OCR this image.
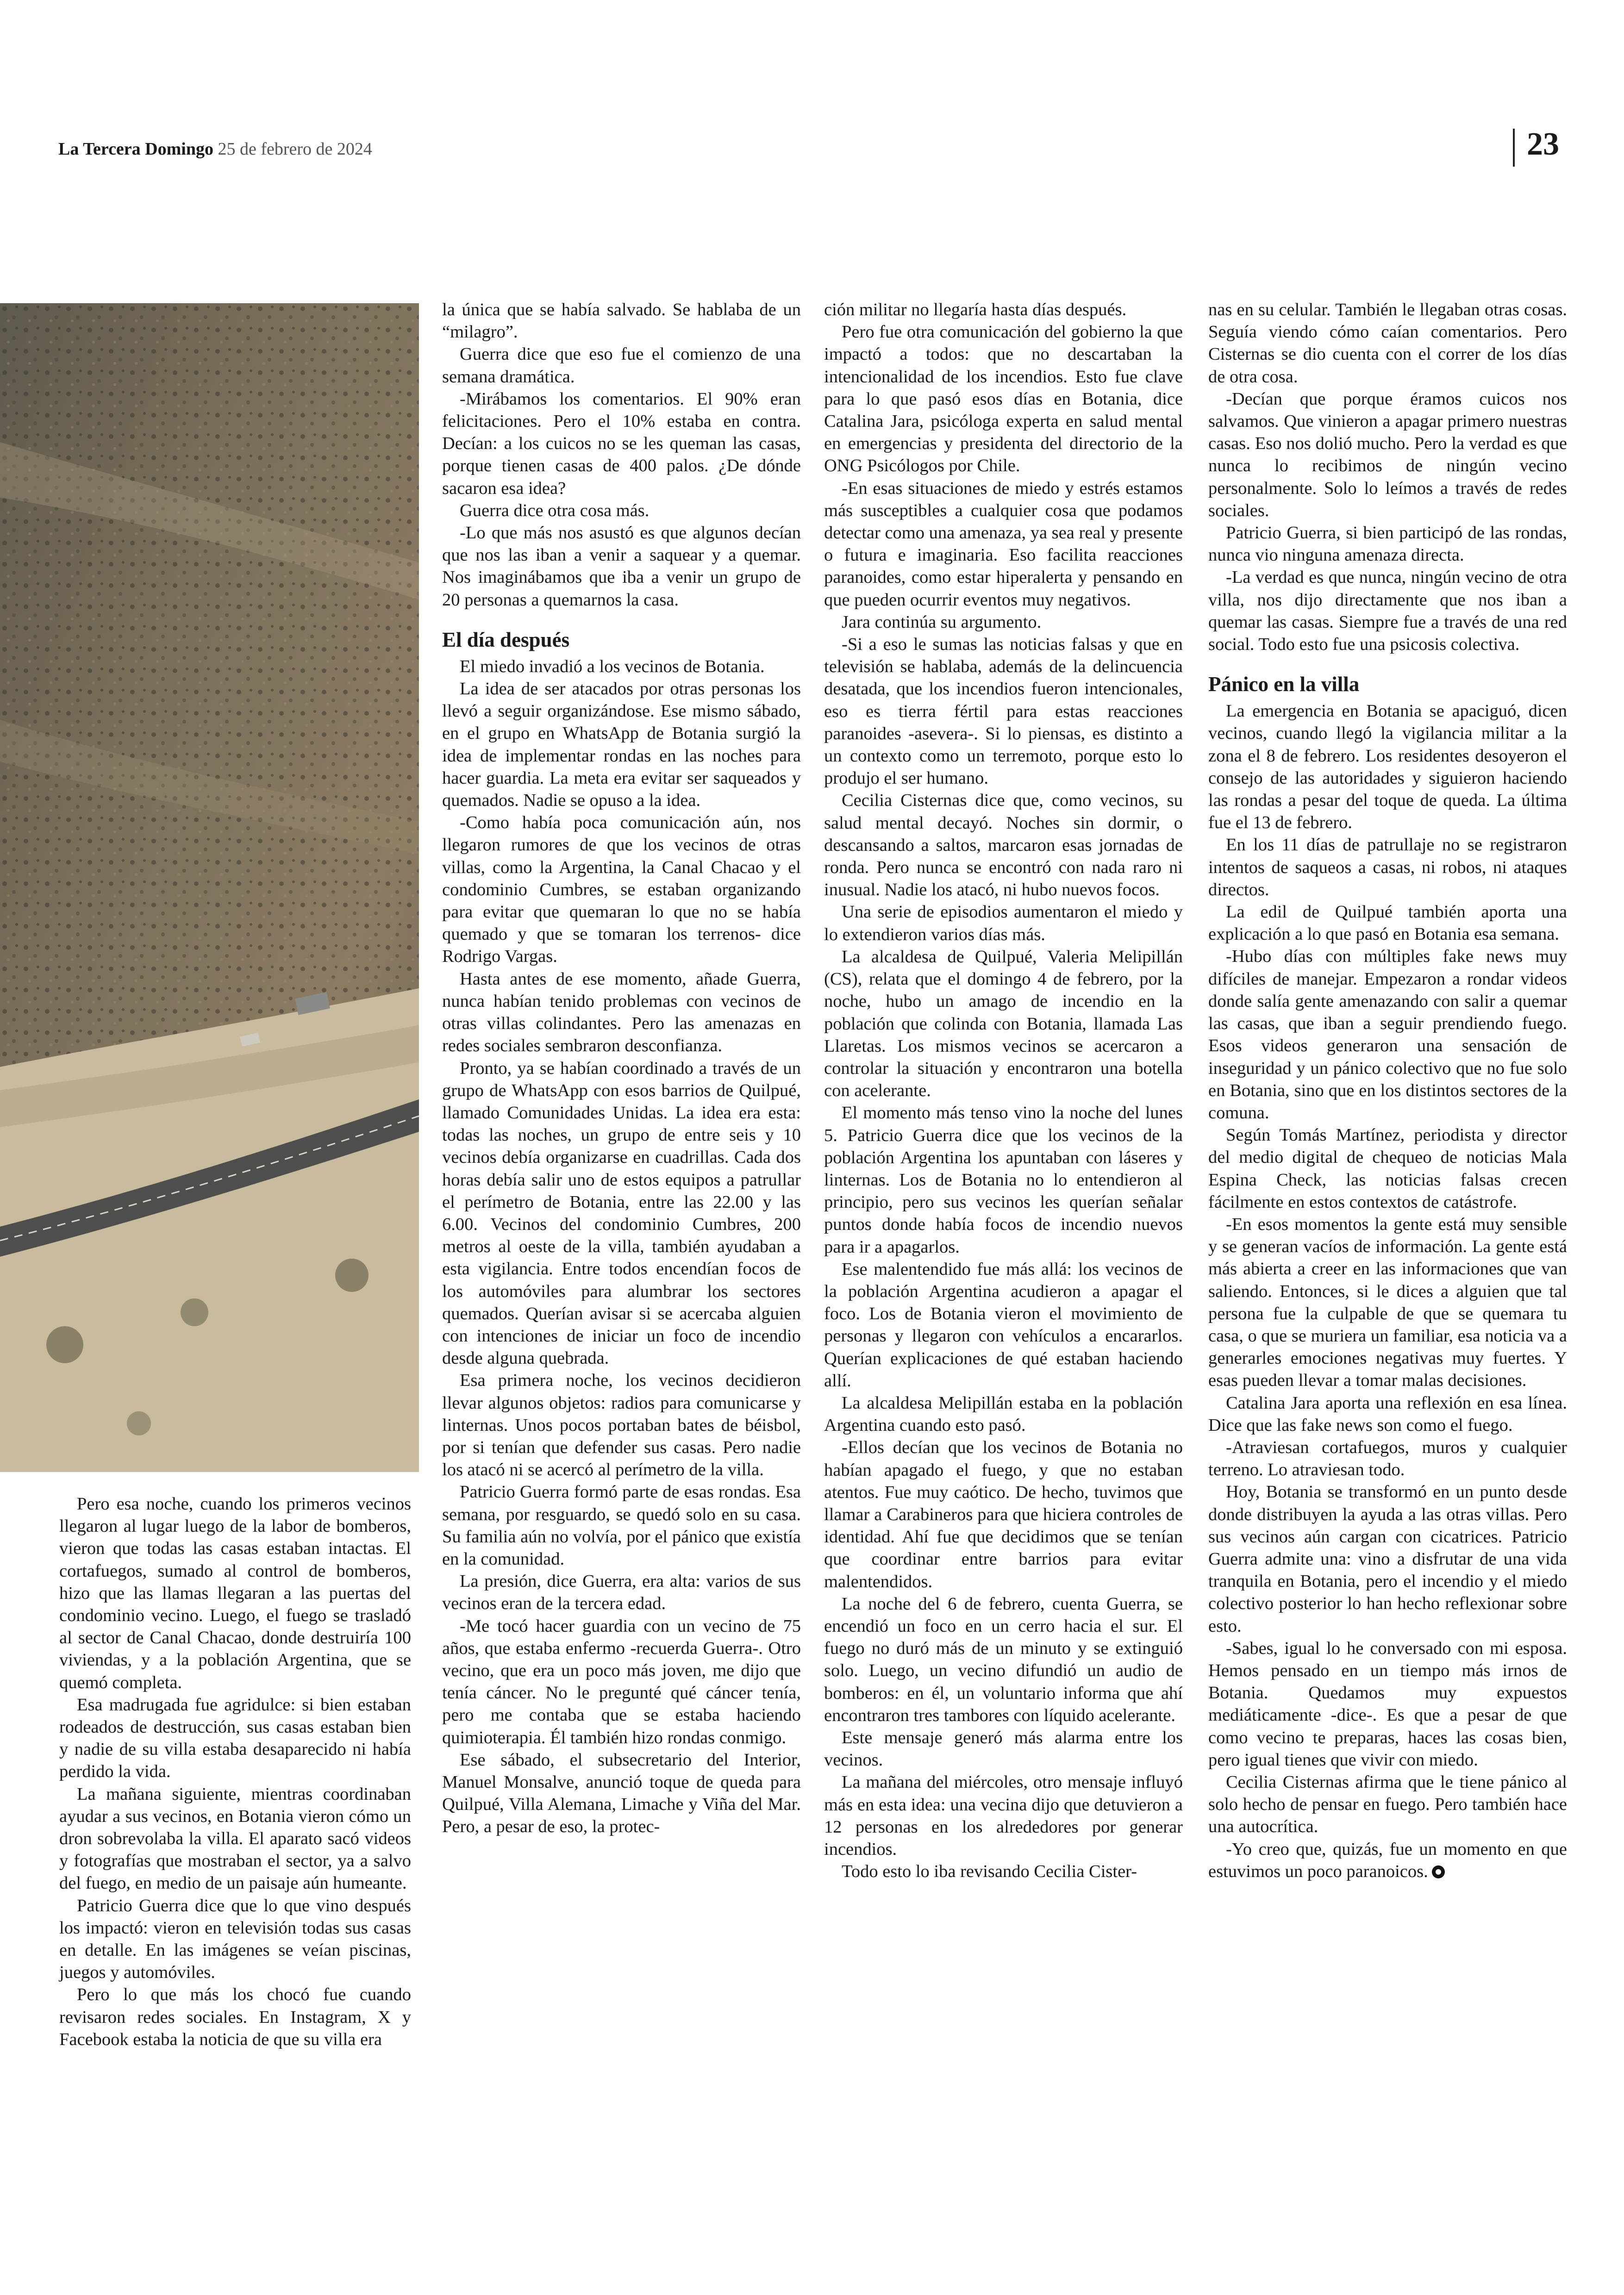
La Tercera Domingo 25 de febrero de 2024	23

Pero esa noche, cuando los primeros vecinos llegaron al lugar luego de la labor de bomberos, vieron que todas las casas estaban intactas. El cortafuegos, sumado al control de bomberos, hizo que las llamas llegaran a las puertas del condominio vecino. Luego, el fuego se trasladó al sector de Canal Chacao, donde destruiría 100 viviendas, y a la población Argentina, que se quemó completa.

Esa madrugada fue agridulce: si bien estaban rodeados de destrucción, sus casas estaban bien y nadie de su villa estaba desaparecido ni había perdido la vida.

La mañana siguiente, mientras coordinaban ayudar a sus vecinos, en Botania vieron cómo un dron sobrevolaba la villa. El aparato sacó videos y fotografías que mostraban el sector, ya a salvo del fuego, en medio de un paisaje aún humeante.

Patricio Guerra dice que lo que vino después los impactó: vieron en televisión todas sus casas en detalle. En las imágenes se veían piscinas, juegos y automóviles.

Pero lo que más los chocó fue cuando revisaron redes sociales. En Instagram, X y Facebook estaba la noticia de que su villa era

la única que se había salvado. Se hablaba de un “milagro”.

Guerra dice que eso fue el comienzo de una semana dramática.

-Mirábamos los comentarios. El 90% eran felicitaciones. Pero el 10% estaba en contra. Decían: a los cuicos no se les queman las casas, porque tienen casas de 400 palos. ¿De dónde sacaron esa idea?

Guerra dice otra cosa más.

-Lo que más nos asustó es que algunos decían que nos las iban a venir a saquear y a quemar. Nos imaginábamos que iba a venir un grupo de 20 personas a quemarnos la casa.

El día después

El miedo invadió a los vecinos de Botania.

La idea de ser atacados por otras personas los llevó a seguir organizándose. Ese mismo sábado, en el grupo en WhatsApp de Botania surgió la idea de implementar rondas en las noches para hacer guardia. La meta era evitar ser saqueados y quemados. Nadie se opuso a la idea.

-Como había poca comunicación aún, nos llegaron rumores de que los vecinos de otras villas, como la Argentina, la Canal Chacao y el condominio Cumbres, se estaban organizando para evitar que quemaran lo que no se había quemado y que se tomaran los terrenos- dice Rodrigo Vargas.

Hasta antes de ese momento, añade Guerra, nunca habían tenido problemas con vecinos de otras villas colindantes. Pero las amenazas en redes sociales sembraron desconfianza.

Pronto, ya se habían coordinado a través de un grupo de WhatsApp con esos barrios de Quilpué, llamado Comunidades Unidas. La idea era esta: todas las noches, un grupo de entre seis y 10 vecinos debía organizarse en cuadrillas. Cada dos horas debía salir uno de estos equipos a patrullar el perímetro de Botania, entre las 22.00 y las 6.00. Vecinos del condominio Cumbres, 200 metros al oeste de la villa, también ayudaban a esta vigilancia. Entre todos encendían focos de los automóviles para alumbrar los sectores quemados. Querían avisar si se acercaba alguien con intenciones de iniciar un foco de incendio desde alguna quebrada.

Esa primera noche, los vecinos decidieron llevar algunos objetos: radios para comunicarse y linternas. Unos pocos portaban bates de béisbol, por si tenían que defender sus casas. Pero nadie los atacó ni se acercó al perímetro de la villa.

Patricio Guerra formó parte de esas rondas. Esa semana, por resguardo, se quedó solo en su casa. Su familia aún no volvía, por el pánico que existía en la comunidad.

La presión, dice Guerra, era alta: varios de sus vecinos eran de la tercera edad.

-Me tocó hacer guardia con un vecino de 75 años, que estaba enfermo -recuerda Guerra-. Otro vecino, que era un poco más joven, me dijo que tenía cáncer. No le pregunté qué cáncer tenía, pero me contaba que se estaba haciendo quimioterapia. Él también hizo rondas conmigo.

Ese sábado, el subsecretario del Interior, Manuel Monsalve, anunció toque de queda para Quilpué, Villa Alemana, Limache y Viña del Mar. Pero, a pesar de eso, la protec-

ción militar no llegaría hasta días después.

Pero fue otra comunicación del gobierno la que impactó a todos: que no descartaban la intencionalidad de los incendios. Esto fue clave para lo que pasó esos días en Botania, dice Catalina Jara, psicóloga experta en salud mental en emergencias y presidenta del directorio de la ONG Psicólogos por Chile.

-En esas situaciones de miedo y estrés estamos más susceptibles a cualquier cosa que podamos detectar como una amenaza, ya sea real y presente o futura e imaginaria. Eso facilita reacciones paranoides, como estar hiperalerta y pensando en que pueden ocurrir eventos muy negativos.

Jara continúa su argumento.

-Si a eso le sumas las noticias falsas y que en televisión se hablaba, además de la delincuencia desatada, que los incendios fueron intencionales, eso es tierra fértil para estas reacciones paranoides -asevera-. Si lo piensas, es distinto a un contexto como un terremoto, porque esto lo produjo el ser humano.

Cecilia Cisternas dice que, como vecinos, su salud mental decayó. Noches sin dormir, o descansando a saltos, marcaron esas jornadas de ronda. Pero nunca se encontró con nada raro ni inusual. Nadie los atacó, ni hubo nuevos focos.

Una serie de episodios aumentaron el miedo y lo extendieron varios días más.

La alcaldesa de Quilpué, Valeria Melipillán (CS), relata que el domingo 4 de febrero, por la noche, hubo un amago de incendio en la población que colinda con Botania, llamada Las Llaretas. Los mismos vecinos se acercaron a controlar la situación y encontraron una botella con acelerante.

El momento más tenso vino la noche del lunes 5. Patricio Guerra dice que los vecinos de la población Argentina los apuntaban con láseres y linternas. Los de Botania no lo entendieron al principio, pero sus vecinos les querían señalar puntos donde había focos de incendio nuevos para ir a apagarlos.

Ese malentendido fue más allá: los vecinos de la población Argentina acudieron a apagar el foco. Los de Botania vieron el movimiento de personas y llegaron con vehículos a encararlos. Querían explicaciones de qué estaban haciendo allí.

La alcaldesa Melipillán estaba en la población Argentina cuando esto pasó.

-Ellos decían que los vecinos de Botania no habían apagado el fuego, y que no estaban atentos. Fue muy caótico. De hecho, tuvimos que llamar a Carabineros para que hiciera controles de identidad. Ahí fue que decidimos que se tenían que coordinar entre barrios para evitar malentendidos.

La noche del 6 de febrero, cuenta Guerra, se encendió un foco en un cerro hacia el sur. El fuego no duró más de un minuto y se extinguió solo. Luego, un vecino difundió un audio de bomberos: en él, un voluntario informa que ahí encontraron tres tambores con líquido acelerante.

Este mensaje generó más alarma entre los vecinos.

La mañana del miércoles, otro mensaje influyó más en esta idea: una vecina dijo que detuvieron a 12 personas en los alrededores por generar incendios.

Todo esto lo iba revisando Cecilia Cister-

nas en su celular. También le llegaban otras cosas. Seguía viendo cómo caían comentarios. Pero Cisternas se dio cuenta con el correr de los días de otra cosa.

-Decían que porque éramos cuicos nos salvamos. Que vinieron a apagar primero nuestras casas. Eso nos dolió mucho. Pero la verdad es que nunca lo recibimos de ningún vecino personalmente. Solo lo leímos a través de redes sociales.

Patricio Guerra, si bien participó de las rondas, nunca vio ninguna amenaza directa.

-La verdad es que nunca, ningún vecino de otra villa, nos dijo directamente que nos iban a quemar las casas. Siempre fue a través de una red social. Todo esto fue una psicosis colectiva.

Pánico en la villa

La emergencia en Botania se apaciguó, dicen vecinos, cuando llegó la vigilancia militar a la zona el 8 de febrero. Los residentes desoyeron el consejo de las autoridades y siguieron haciendo las rondas a pesar del toque de queda. La última fue el 13 de febrero.

En los 11 días de patrullaje no se registraron intentos de saqueos a casas, ni robos, ni ataques directos.

La edil de Quilpué también aporta una explicación a lo que pasó en Botania esa semana.

-Hubo días con múltiples fake news muy difíciles de manejar. Empezaron a rondar videos donde salía gente amenazando con salir a quemar las casas, que iban a seguir prendiendo fuego. Esos videos generaron una sensación de inseguridad y un pánico colectivo que no fue solo en Botania, sino que en los distintos sectores de la comuna.

Según Tomás Martínez, periodista y director del medio digital de chequeo de noticias Mala Espina Check, las noticias falsas crecen fácilmente en estos contextos de catástrofe.

-En esos momentos la gente está muy sensible y se generan vacíos de información. La gente está más abierta a creer en las informaciones que van saliendo. Entonces, si le dices a alguien que tal persona fue la culpable de que se quemara tu casa, o que se muriera un familiar, esa noticia va a generarles emociones negativas muy fuertes. Y esas pueden llevar a tomar malas decisiones.

Catalina Jara aporta una reflexión en esa línea. Dice que las fake news son como el fuego.

-Atraviesan cortafuegos, muros y cualquier terreno. Lo atraviesan todo.

Hoy, Botania se transformó en un punto desde donde distribuyen la ayuda a las otras villas. Pero sus vecinos aún cargan con cicatrices. Patricio Guerra admite una: vino a disfrutar de una vida tranquila en Botania, pero el incendio y el miedo colectivo posterior lo han hecho reflexionar sobre esto.

-Sabes, igual lo he conversado con mi esposa. Hemos pensado en un tiempo más irnos de Botania. Quedamos muy expuestos mediáticamente -dice-. Es que a pesar de que como vecino te preparas, haces las cosas bien, pero igual tienes que vivir con miedo.

Cecilia Cisternas afirma que le tiene pánico al solo hecho de pensar en fuego. Pero también hace una autocrítica.

-Yo creo que, quizás, fue un momento en que estuvimos un poco paranoicos.
